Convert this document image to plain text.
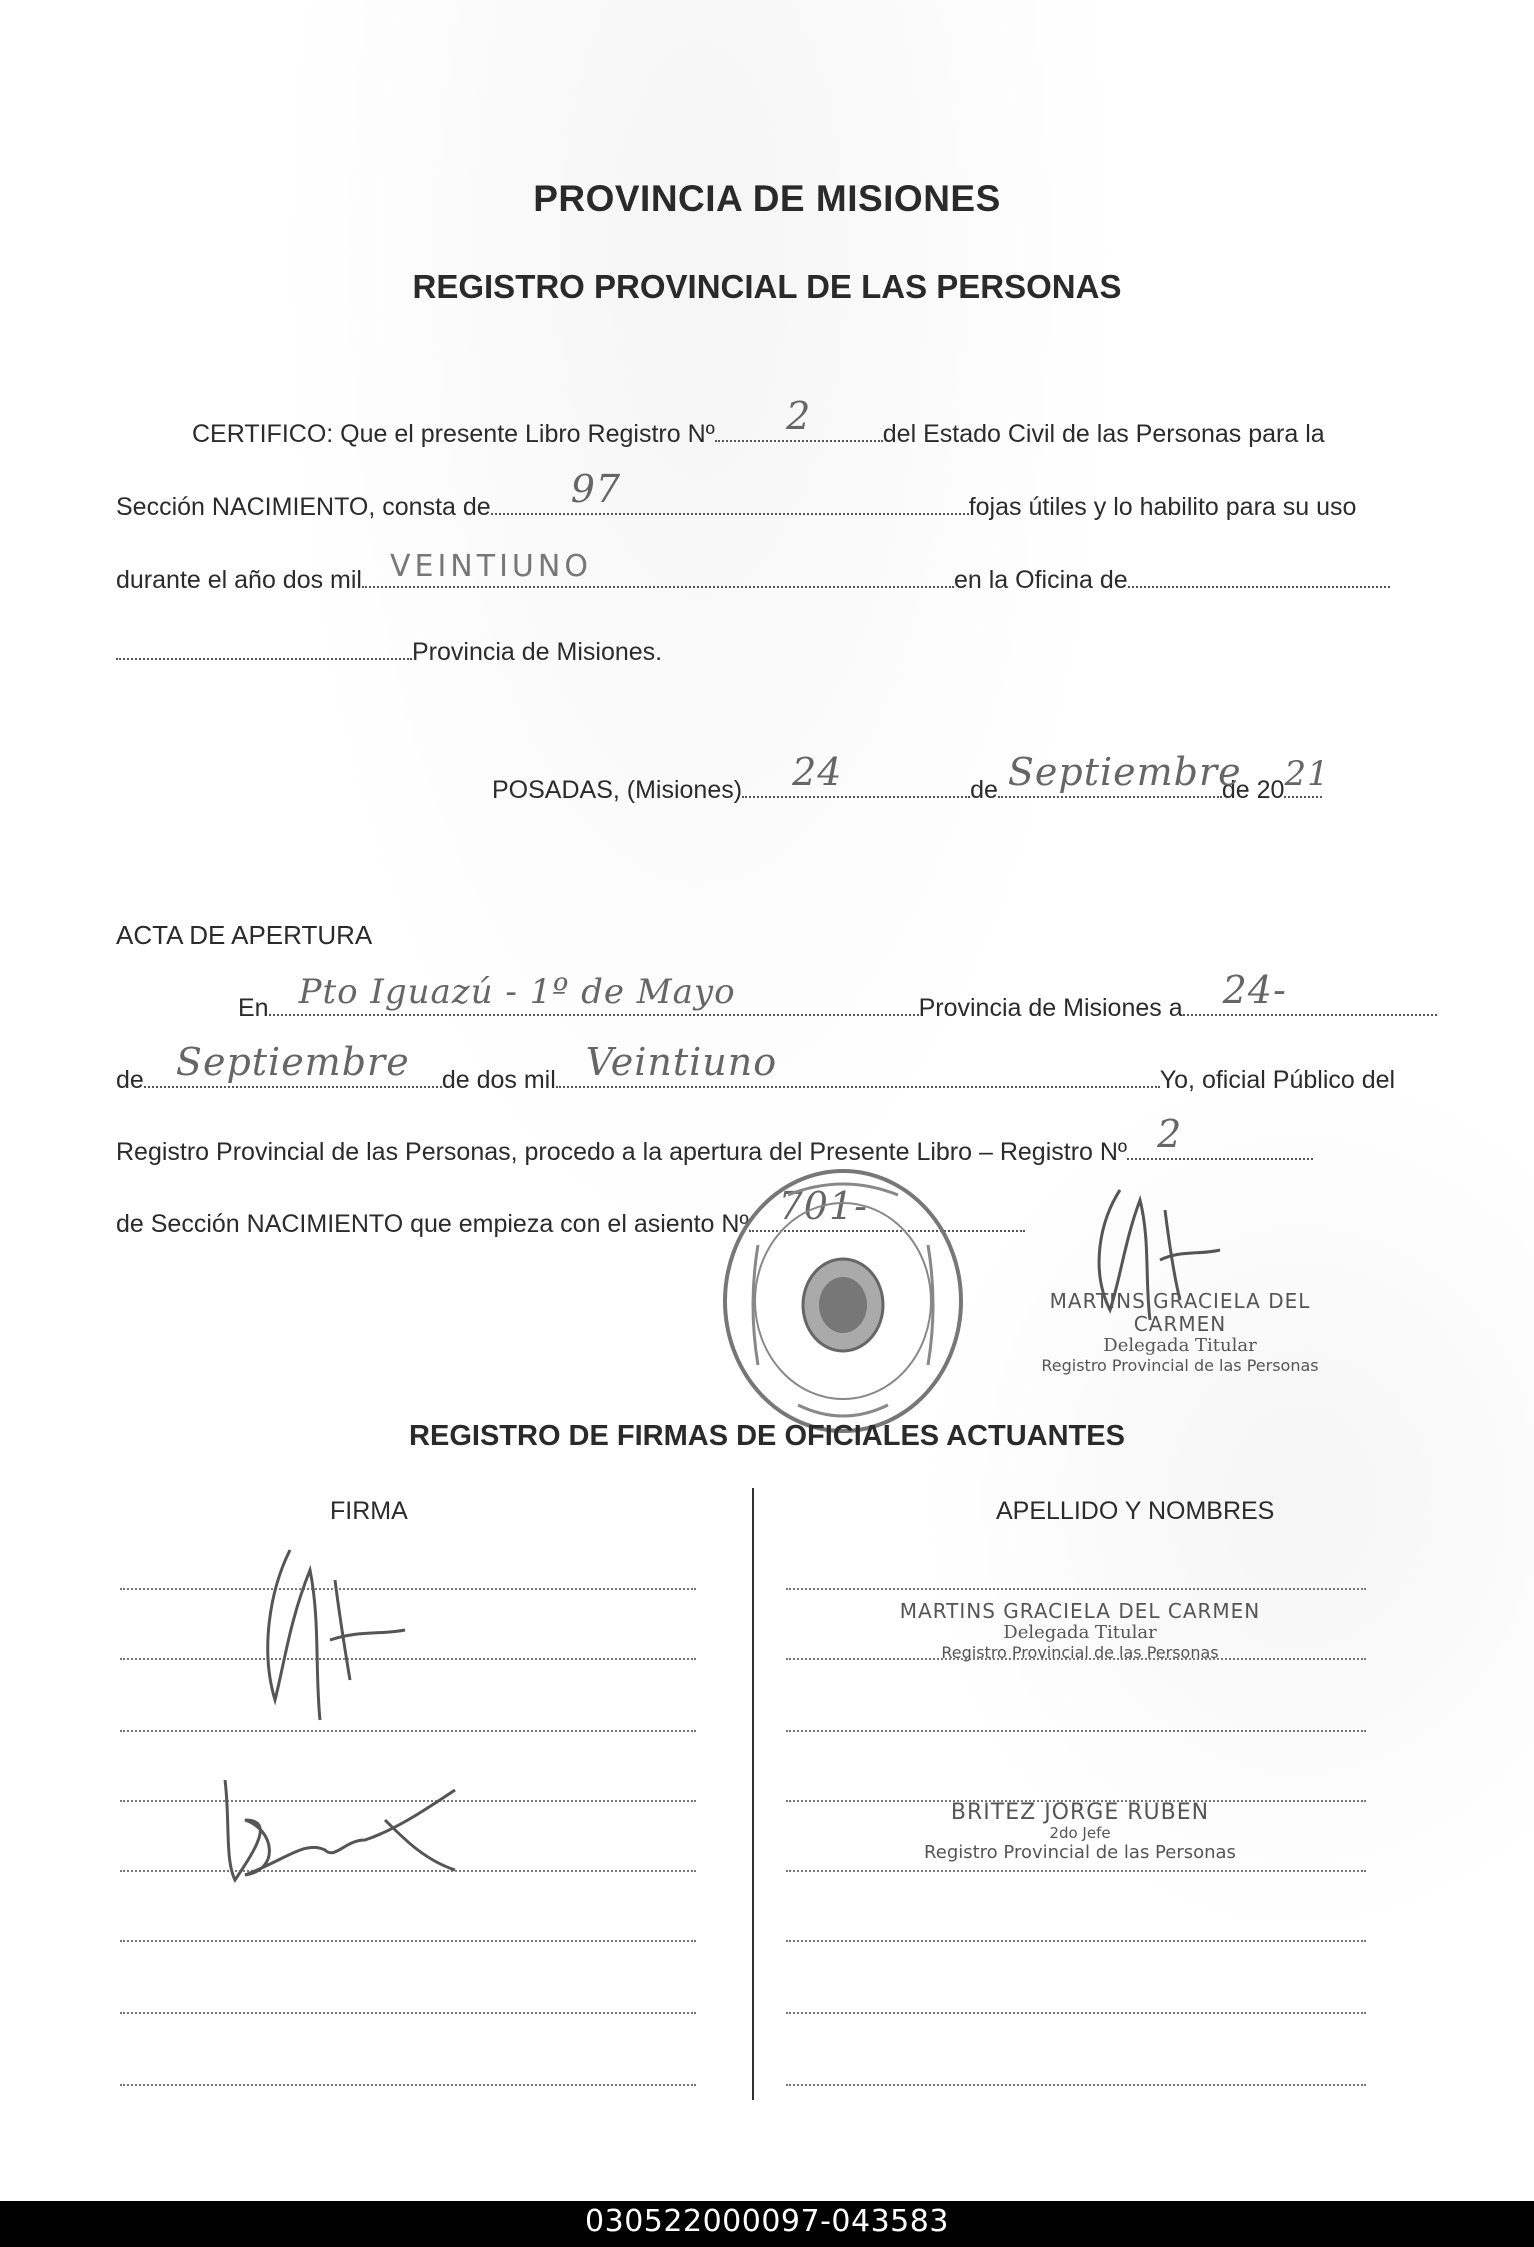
PROVINCIA DE MISIONES
REGISTRO PROVINCIAL DE LAS PERSONAS
CERTIFICO: Que el presente Libro Registro Nº	2	del Estado Civil de las Personas para la
Sección NACIMIENTO, consta de 97	fojas útiles y lo habilito para su uso
durante el año dos mil VEINTIUNO	en la Oficina de
Provincia de Misiones.
POSADAS, (Misiones) 24	de Septiembre
de 20 21
ACTA DE APERTURA
En Pto Iguazú - 1º de Mayo	Provincia de Misiones a 24-
de Septiembre	de dos mil Veintiuno	Yo, oficial Público del
Registro Provincial de las Personas, procedo a la apertura del Presente Libro – Registro Nº 2
de Sección NACIMIENTO que empieza con el asiento Nº 701-
MARTINS GRACIELA DEL CARMEN
Delegada Titular
Registro Provincial de las Personas
REGISTRO DE FIRMAS DE OFICIALES ACTUANTES
FIRMA	APELLIDO Y NOMBRES
MARTINS GRACIELA DEL CARMEN
Delegada Titular
Registro Provincial de las Personas
BRITEZ JORGE RUBEN
2do Jefe
Registro Provincial de las Personas
030522000097-043583
